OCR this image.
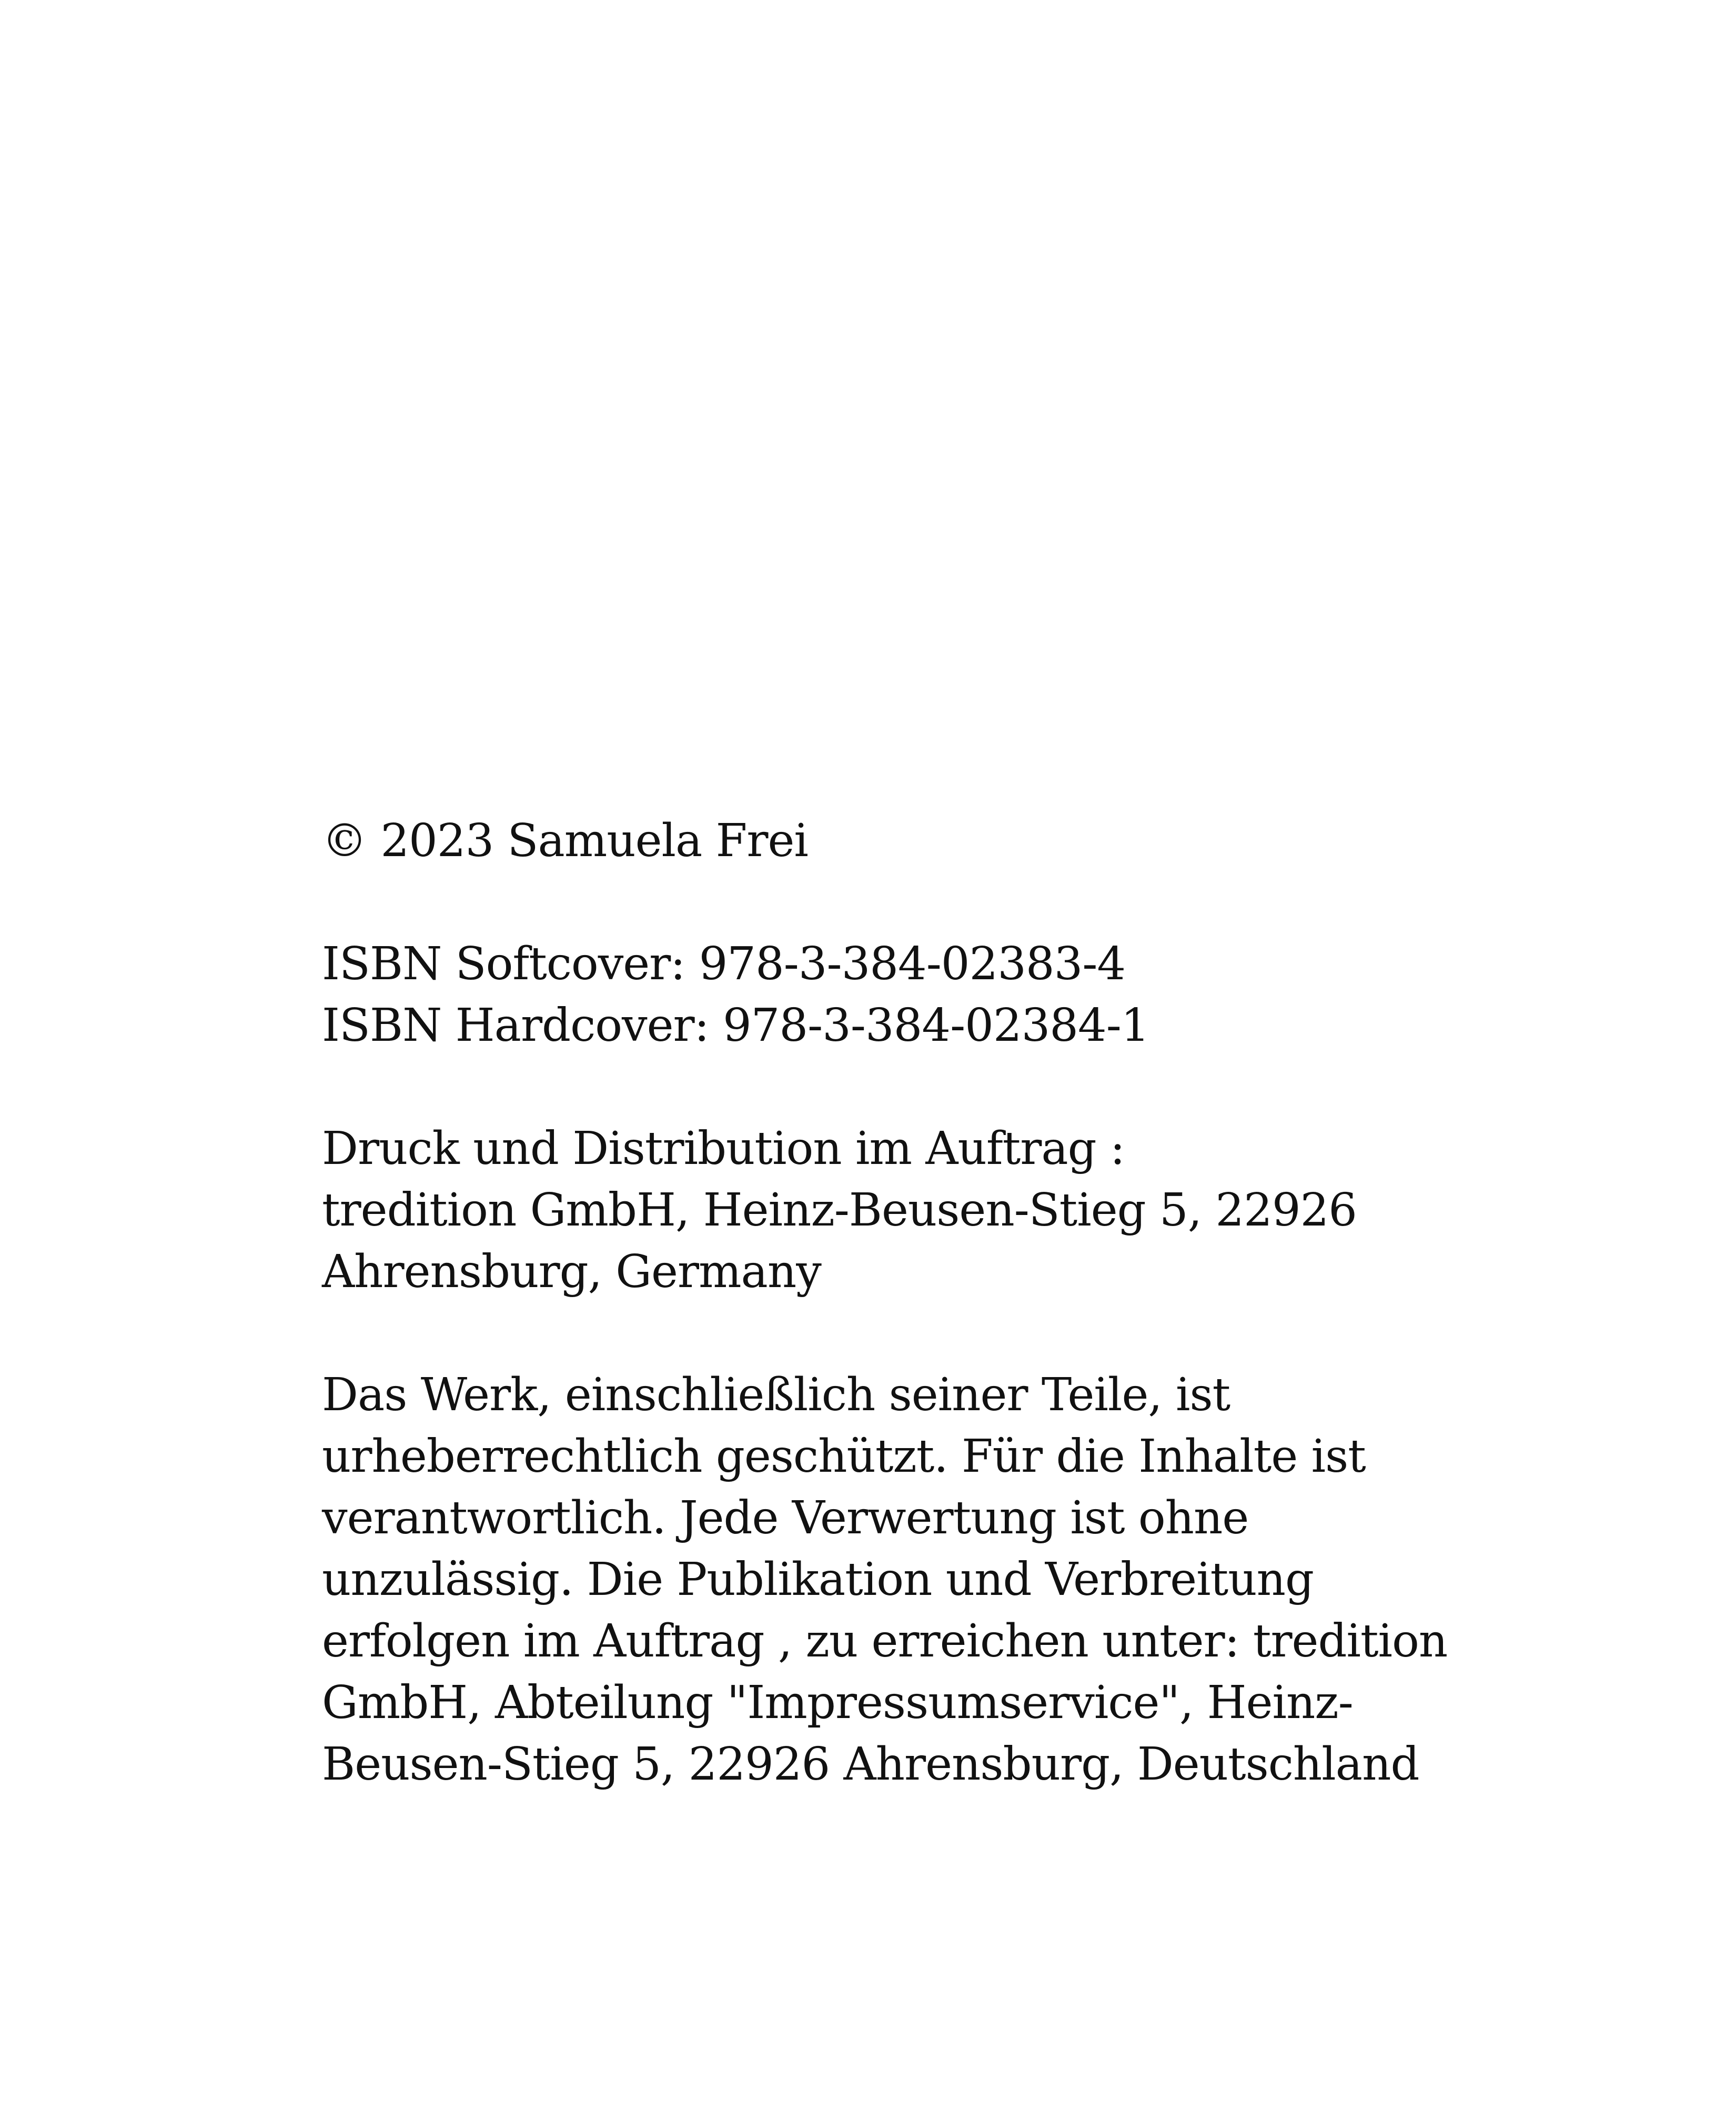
© 2023 Samuela Frei
ISBN Softcover: 978-3-384-02383-4
ISBN Hardcover: 978-3-384-02384-1
Druck und Distribution im Auftrag :
tredition GmbH, Heinz-Beusen-Stieg 5, 22926
Ahrensburg, Germany
Das Werk, einschließlich seiner Teile, ist
urheberrechtlich geschützt. Für die Inhalte ist
verantwortlich. Jede Verwertung ist ohne
unzulässig. Die Publikation und Verbreitung
erfolgen im Auftrag , zu erreichen unter: tredition
GmbH, Abteilung "Impressumservice", Heinz-
Beusen-Stieg 5, 22926 Ahrensburg, Deutschland
